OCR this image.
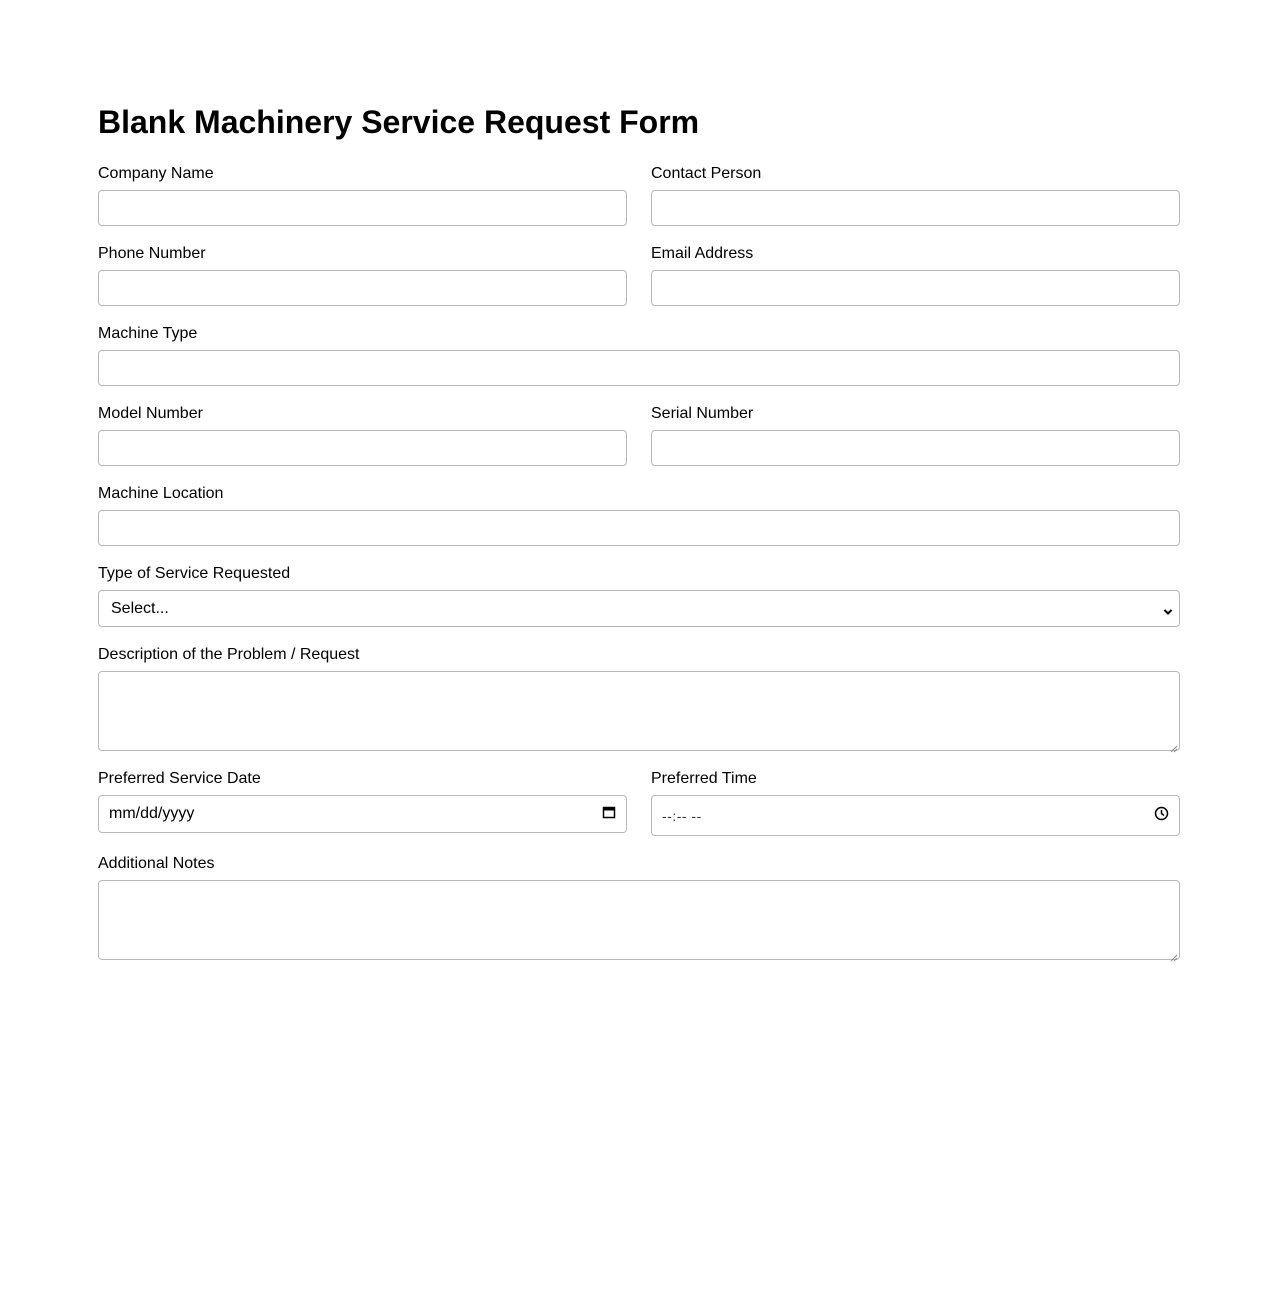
Blank Machinery Service Request Form
Company Name	Contact Person
Phone Number	Email Address
Machine Type
Model Number	Serial Number
Machine Location
Type of Service Requested
Select...
Description of the Problem / Request
Preferred Service Date
mm/dd/yyyy
Preferred Time
--:-- --
Additional Notes
